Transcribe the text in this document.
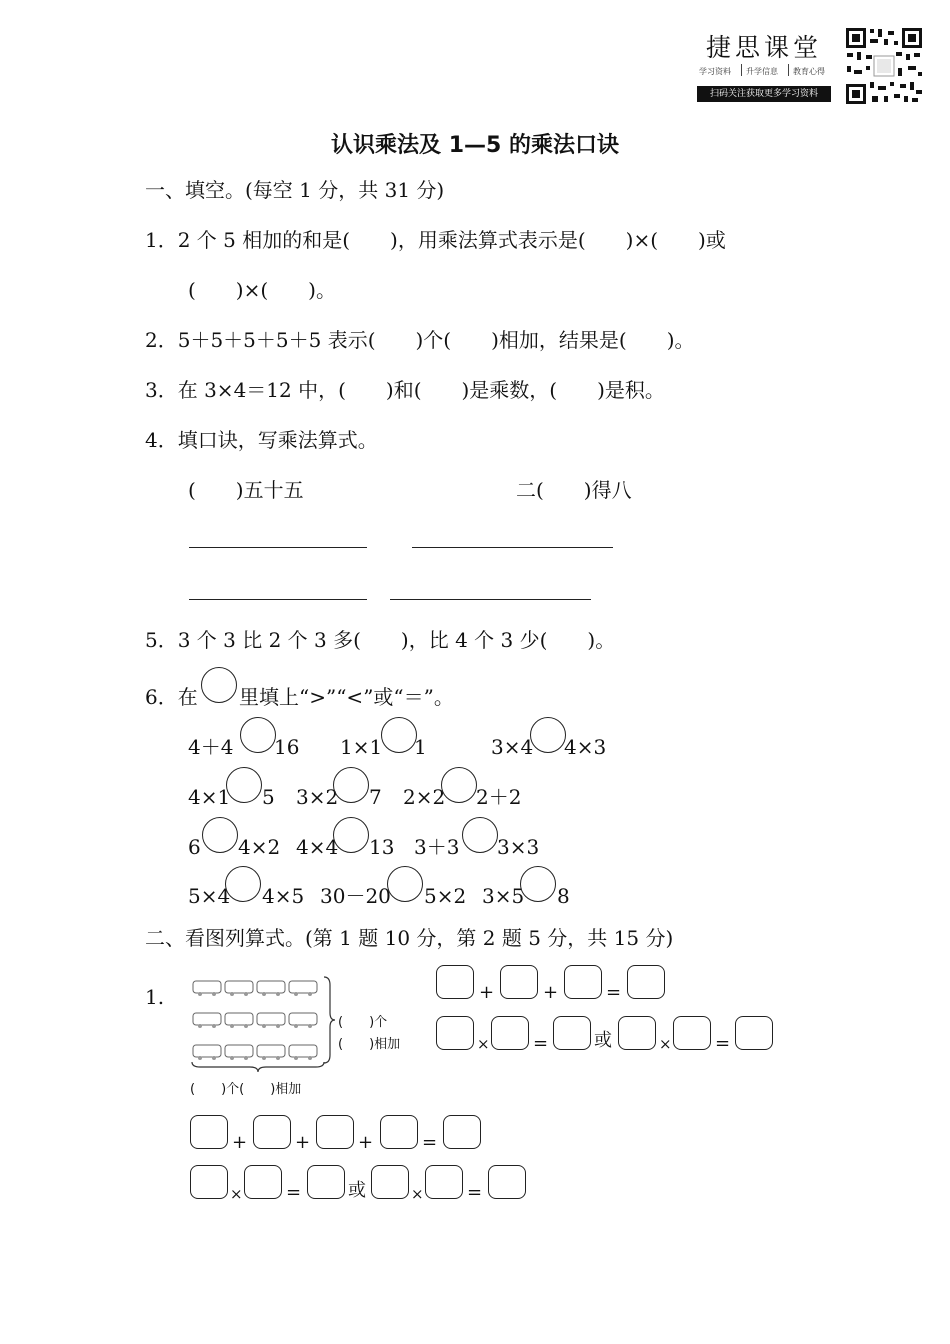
捷思课堂
学习资料 升学信息 教育心得
扫码关注获取更多学习资料
认识乘法及 1—5 的乘法口诀
一、填空。(每空 1 分，共 31 分)
1．2 个 5 相加的和是(　　)，用乘法算式表示是(　　)×(　　)或
(　　)×(　　)。
2．5＋5＋5＋5＋5 表示(　　)个(　　)相加，结果是(　　)。
3．在 3×4＝12 中，(　　)和(　　)是乘数，(　　)是积。
4．填口诀，写乘法算式。
(　　)五十五	二(　　)得八
5．3 个 3 比 2 个 3 多(　　)，比 4 个 3 少(　　)。
6．在 里填上“>”“<”或“＝”。
4＋4 16 1×1 1	3×4 4×3
4×1 5 3×2 7 2×2 2＋2
6 4×2 4×4 13 3＋3 3×3
5×4 4×5 30－20 5×2 3×5 8
二、看图列算式。(第 1 题 10 分，第 2 题 5 分，共 15 分)
1.
(　　)个
(　　)相加
(　　)个(　　)相加
+	+	=
× =	或	× =
+	+	+	=
× =	或	× =
